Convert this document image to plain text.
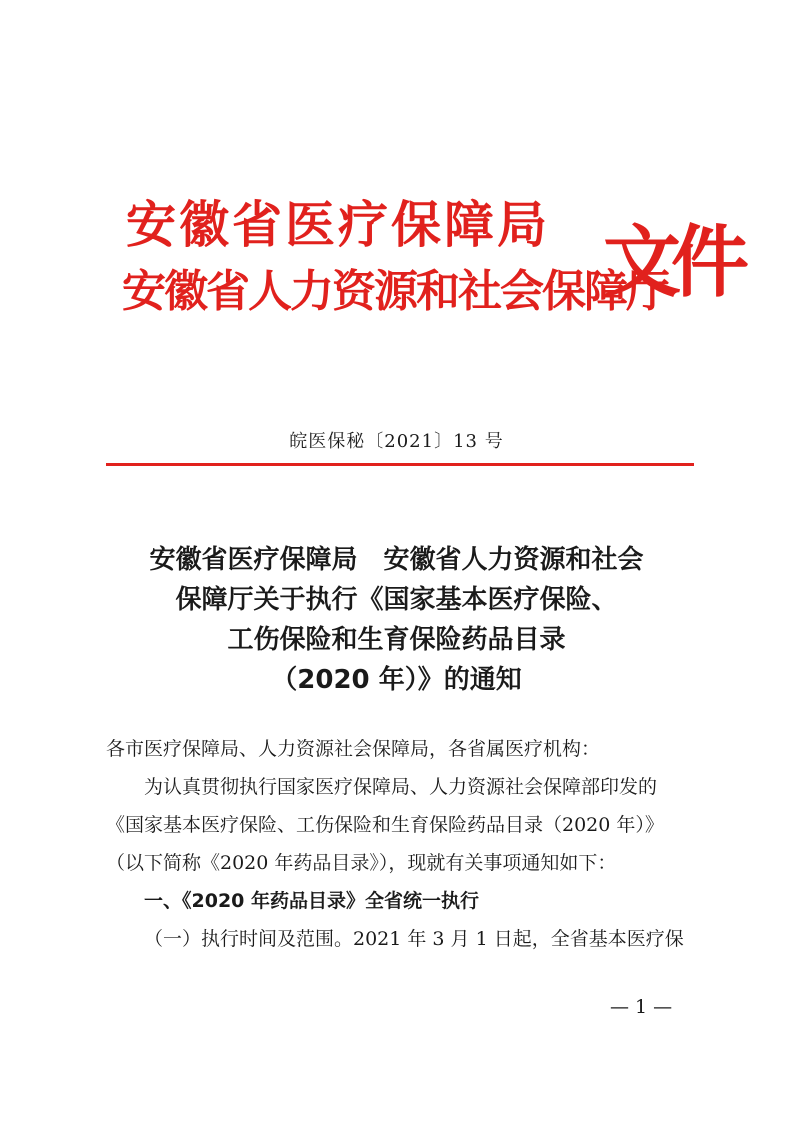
安徽省医疗保障局
安徽省人力资源和社会保障厅
文件
皖医保秘〔2021〕13 号
安徽省医疗保障局　安徽省人力资源和社会
保障厅关于执行《国家基本医疗保险、
工伤保险和生育保险药品目录
（2020 年）》的通知

各市医疗保障局、人力资源社会保障局，各省属医疗机构：

为认真贯彻执行国家医疗保障局、人力资源社会保障部印发的

《国家基本医疗保险、工伤保险和生育保险药品目录（2020 年）》

（以下简称《2020 年药品目录》），现就有关事项通知如下：

一、《2020 年药品目录》全省统一执行

（一）执行时间及范围。2021 年 3 月 1 日起，全省基本医疗保

— 1 —
